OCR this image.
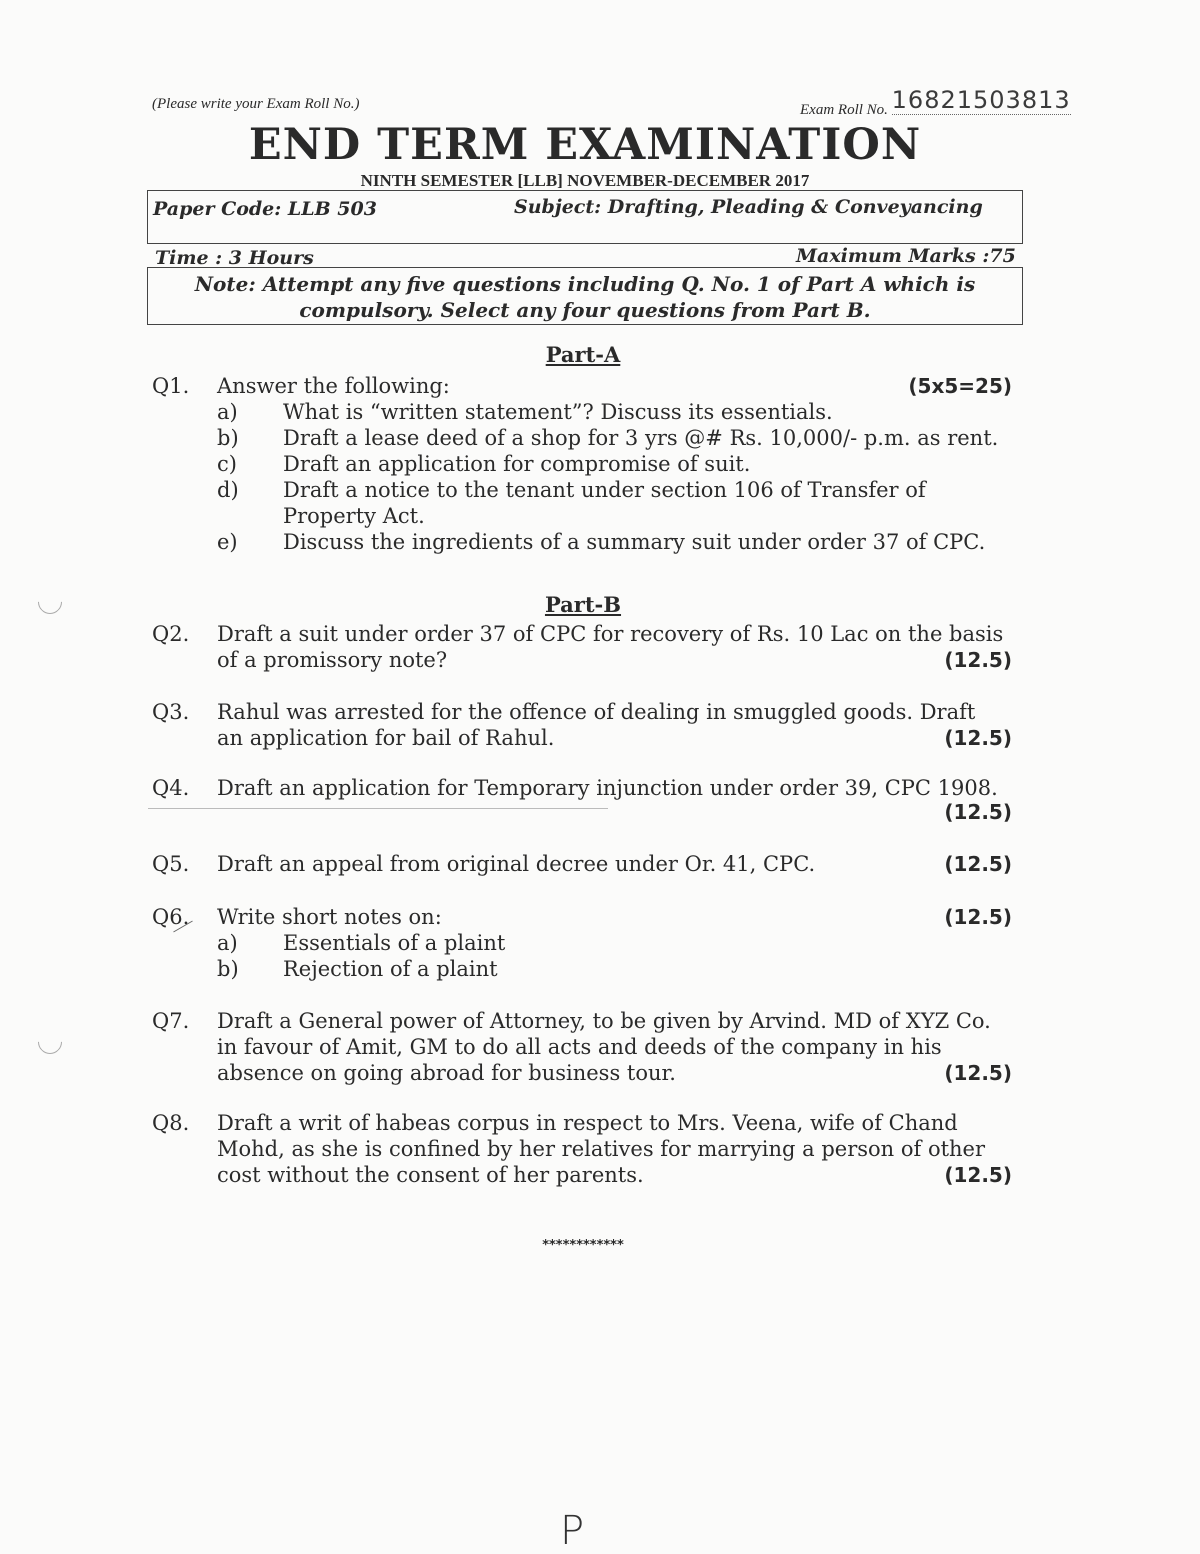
(Please write your Exam Roll No.)	Exam Roll No. 16821503813
END TERM EXAMINATION
NINTH SEMESTER [LLB] NOVEMBER-DECEMBER 2017
Paper Code: LLB 503	Subject: Drafting, Pleading & Conveyancing
Time : 3 Hours	Maximum Marks :75
Note: Attempt any five questions including Q. No. 1 of Part A which is
compulsory. Select any four questions from Part B.
Part-A
Q1. Answer the following:	(5x5=25)
a) What is “written statement”? Discuss its essentials.
b) Draft a lease deed of a shop for 3 yrs @# Rs. 10,000/- p.m. as rent.
c) Draft an application for compromise of suit.
d) Draft a notice to the tenant under section 106 of Transfer of
Property Act.
e) Discuss the ingredients of a summary suit under order 37 of CPC.
Part-B
Q2. Draft a suit under order 37 of CPC for recovery of Rs. 10 Lac on the basis
of a promissory note?	(12.5)
Q3. Rahul was arrested for the offence of dealing in smuggled goods. Draft
an application for bail of Rahul.	(12.5)
Q4. Draft an application for Temporary injunction under order 39, CPC 1908.
(12.5)
Q5. Draft an appeal from original decree under Or. 41, CPC.	(12.5)
Q6. Write short notes on:	(12.5)
a) Essentials of a plaint
b) Rejection of a plaint
Q7. Draft a General power of Attorney, to be given by Arvind. MD of XYZ Co.
in favour of Amit, GM to do all acts and deeds of the company in his
absence on going abroad for business tour.	(12.5)
Q8. Draft a writ of habeas corpus in respect to Mrs. Veena, wife of Chand
Mohd, as she is confined by her relatives for marrying a person of other
cost without the consent of her parents.	(12.5)
************
P
